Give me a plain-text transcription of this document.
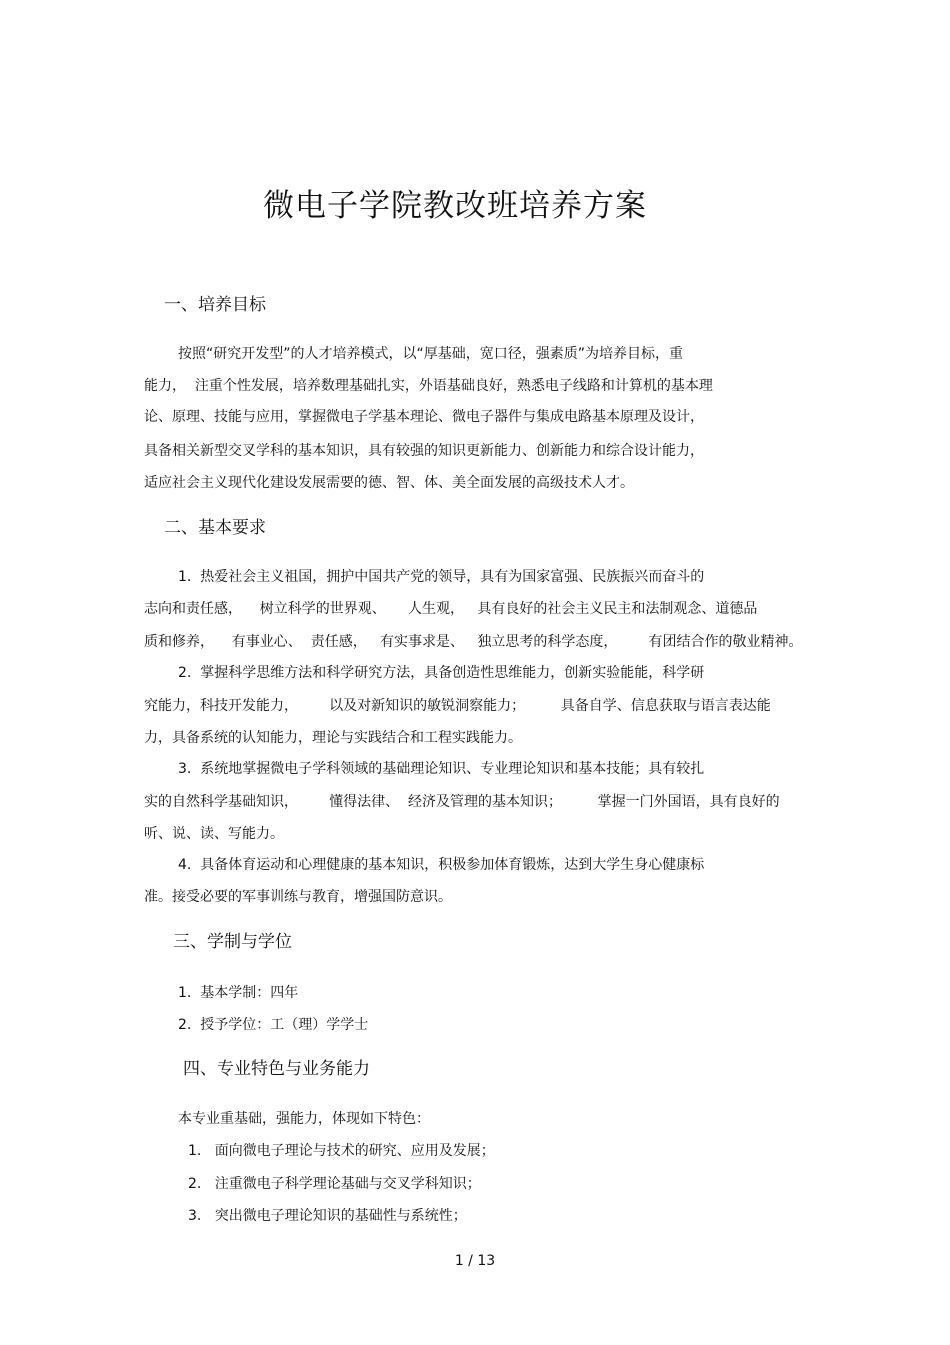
微电子学院教改班培养方案
一、培养目标
按照“研究开发型”的人才培养模式，以“厚基础，宽口径，强素质”为培养目标，重
能力，  注重个性发展，培养数理基础扎实，外语基础良好，熟悉电子线路和计算机的基本理
论、原理、技能与应用，掌握微电子学基本理论、微电子器件与集成电路基本原理及设计，
具备相关新型交叉学科的基本知识，具有较强的知识更新能力、创新能力和综合设计能力，
适应社会主义现代化建设发展需要的德、智、体、美全面发展的高级技术人才。
二、基本要求
1.  热爱社会主义祖国，拥护中国共产党的领导，具有为国家富强、民族振兴而奋斗的
志向和责任感，    树立科学的世界观、     人生观，   具有良好的社会主义民主和法制观念、道德品
质和修养，    有事业心、  责任感，   有实事求是、   独立思考的科学态度，       有团结合作的敬业精神。
2.  掌握科学思维方法和科学研究方法，具备创造性思维能力，创新实验能能，科学研
究能力，科技开发能力，       以及对新知识的敏锐洞察能力；        具备自学、信息获取与语言表达能
力，具备系统的认知能力，理论与实践结合和工程实践能力。
3.  系统地掌握微电子学科领域的基础理论知识、专业理论知识和基本技能；具有较扎
实的自然科学基础知识，       懂得法律、  经济及管理的基本知识；        掌握一门外国语，具有良好的
听、说、读、写能力。
4.  具备体育运动和心理健康的基本知识，积极参加体育锻炼，达到大学生身心健康标
准。接受必要的军事训练与教育，增强国防意识。
三、学制与学位
1.  基本学制：四年
2.  授予学位：工（理）学学士
四、专业特色与业务能力
本专业重基础，强能力，体现如下特色：
1.   面向微电子理论与技术的研究、应用及发展；
2.   注重微电子科学理论基础与交叉学科知识；
3.   突出微电子理论知识的基础性与系统性；
1 / 13
